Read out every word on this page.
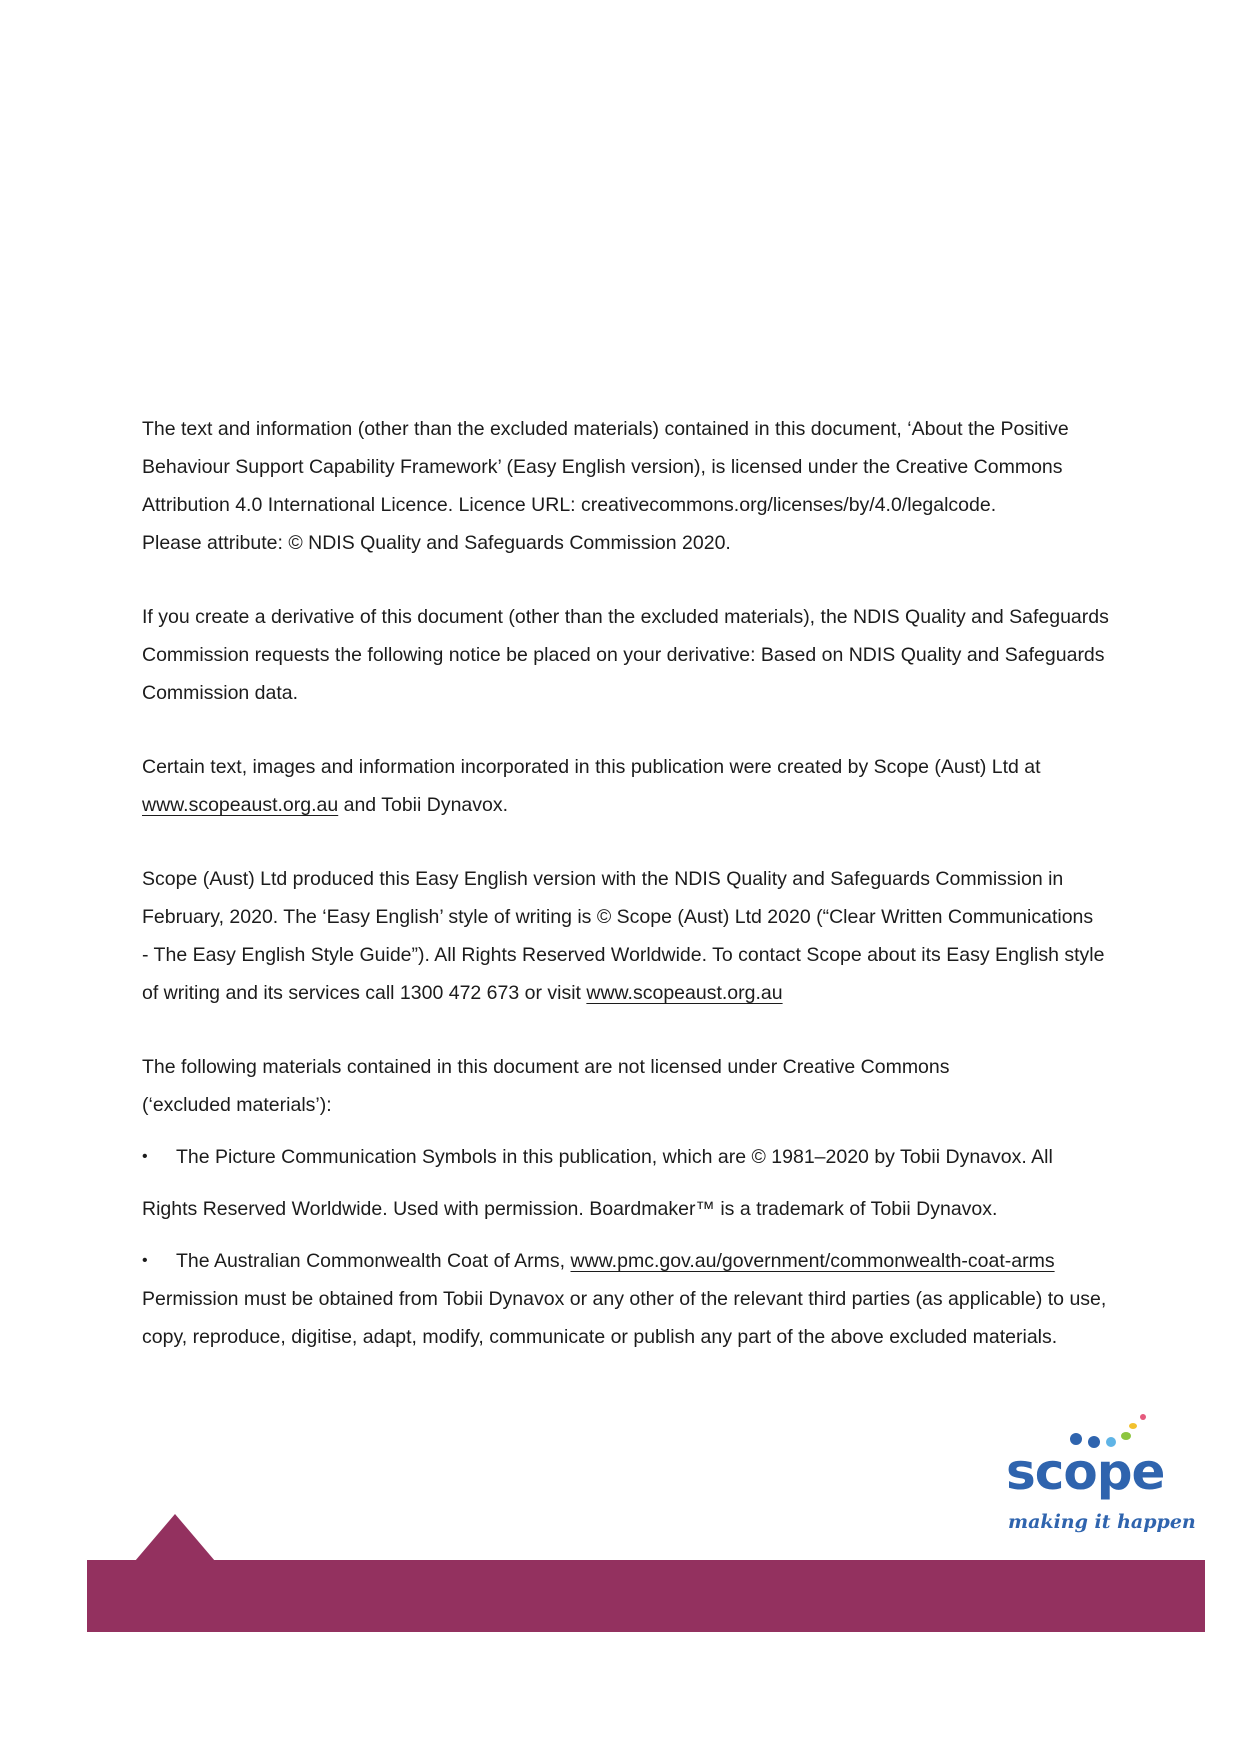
The text and information (other than the excluded materials) contained in this document, ‘About the Positive
Behaviour Support Capability Framework’ (Easy English version), is licensed under the Creative Commons
Attribution 4.0 International Licence. Licence URL: creativecommons.org/licenses/by/4.0/legalcode.
Please attribute: © NDIS Quality and Safeguards Commission 2020.

If you create a derivative of this document (other than the excluded materials), the NDIS Quality and Safeguards
Commission requests the following notice be placed on your derivative: Based on NDIS Quality and Safeguards
Commission data.

Certain text, images and information incorporated in this publication were created by Scope (Aust) Ltd at
www.scopeaust.org.au and Tobii Dynavox.

Scope (Aust) Ltd produced this Easy English version with the NDIS Quality and Safeguards Commission in
February, 2020. The ‘Easy English’ style of writing is © Scope (Aust) Ltd 2020 (“Clear Written Communications
- The Easy English Style Guide”). All Rights Reserved Worldwide. To contact Scope about its Easy English style
of writing and its services call 1300 472 673 or visit www.scopeaust.org.au

The following materials contained in this document are not licensed under Creative Commons
(‘excluded materials’):

•	The Picture Communication Symbols in this publication, which are © 1981–2020 by Tobii Dynavox. All
Rights Reserved Worldwide. Used with permission. Boardmaker™ is a trademark of Tobii Dynavox.
•	The Australian Commonwealth Coat of Arms, www.pmc.gov.au/government/commonwealth-coat-arms

Permission must be obtained from Tobii Dynavox or any other of the relevant third parties (as applicable) to use,
copy, reproduce, digitise, adapt, modify, communicate or publish any part of the above excluded materials.

scope
making it happen
